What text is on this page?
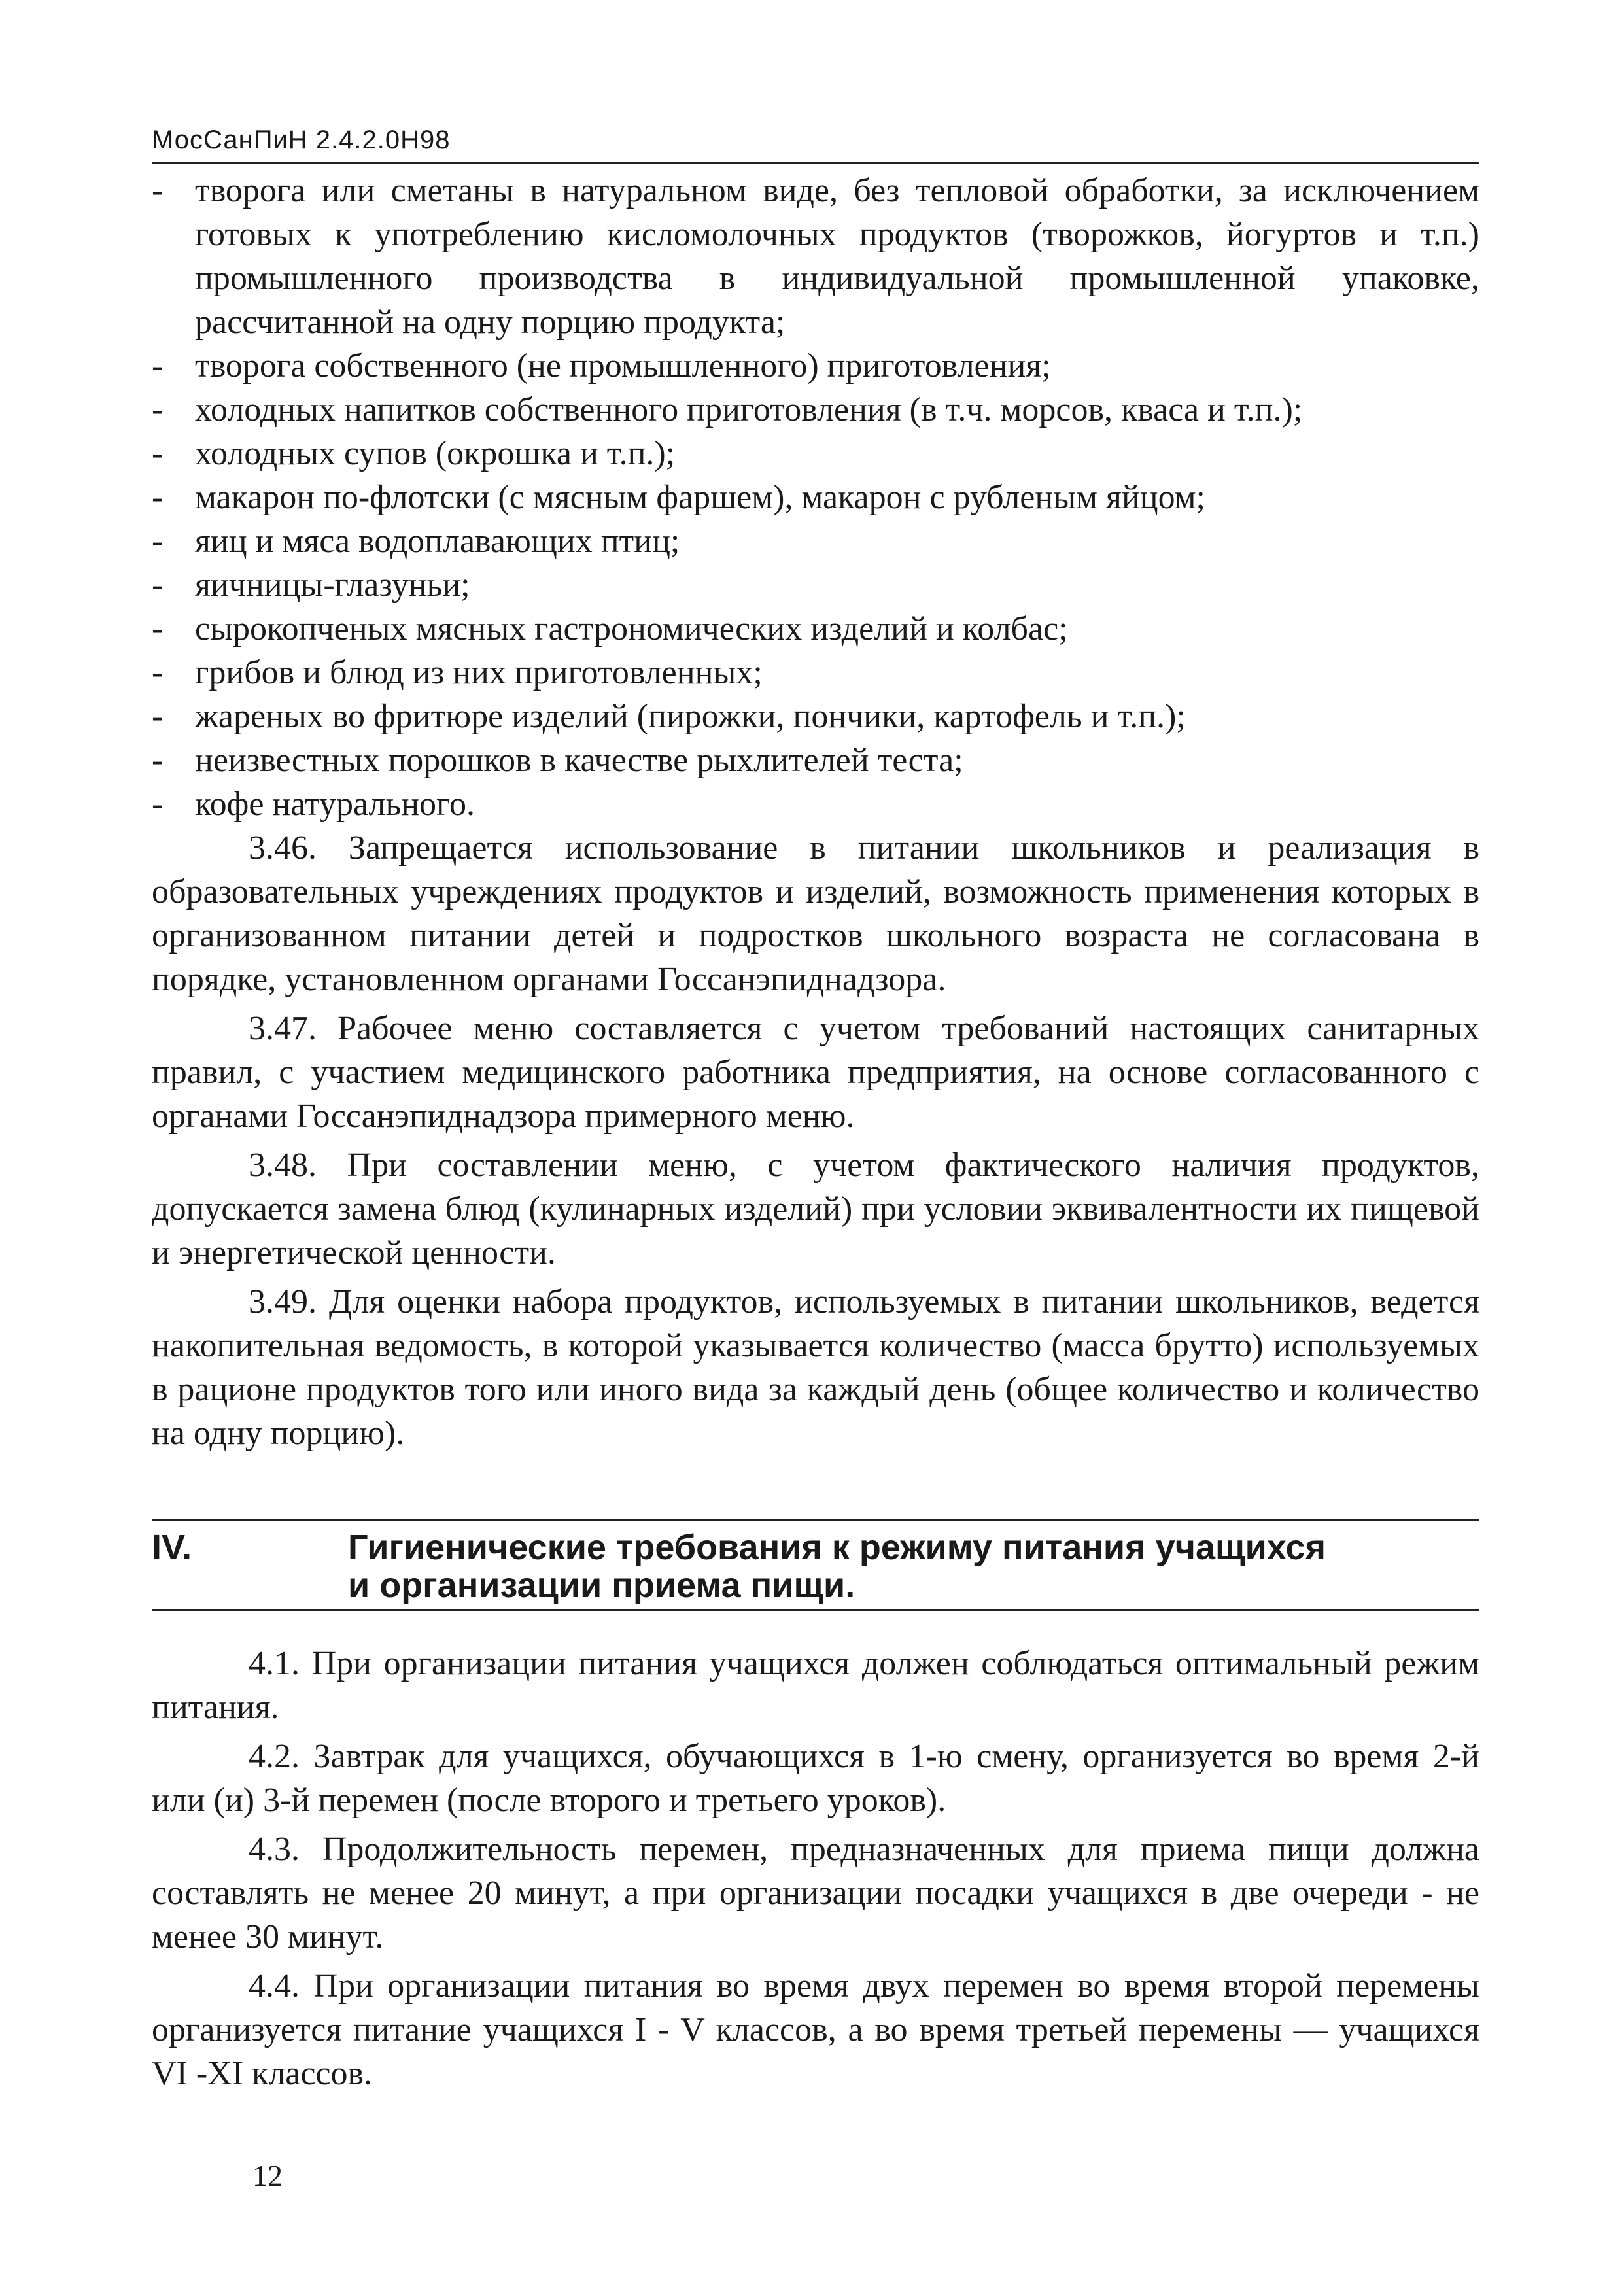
МосСанПиН 2.4.2.0Н98
- творога или сметаны в натуральном виде, без тепловой обработки, за исключением готовых к употреблению кисломолочных продуктов (творожков, йогуртов и т.п.) промышленного производства в индивидуальной промышленной упаковке, рассчитанной на одну порцию продукта;
- творога собственного (не промышленного) приготовления;
- холодных напитков собственного приготовления (в т.ч. морсов, кваса и т.п.);
- холодных супов (окрошка и т.п.);
- макарон по-флотски (с мясным фаршем), макарон с рубленым яйцом;
- яиц и мяса водоплавающих птиц;
- яичницы-глазуньи;
- сырокопченых мясных гастрономических изделий и колбас;
- грибов и блюд из них приготовленных;
- жареных во фритюре изделий (пирожки, пончики, картофель и т.п.);
- неизвестных порошков в качестве рыхлителей теста;
- кофе натурального.

3.46. Запрещается использование в питании школьников и реализация в образовательных учреждениях продуктов и изделий, возможность применения которых в организованном питании детей и подростков школьного возраста не согласована в порядке, установленном органами Госсанэпиднадзора.

3.47. Рабочее меню составляется с учетом требований настоящих санитарных правил, с участием медицинского работника предприятия, на основе согласованного с органами Госсанэпиднадзора примерного меню.

3.48. При составлении меню, с учетом фактического наличия продуктов, допускается замена блюд (кулинарных изделий) при условии эквивалентности их пищевой и энергетической ценности.

3.49. Для оценки набора продуктов, используемых в питании школьников, ведется накопительная ведомость, в которой указывается количество (масса брутто) используемых в рационе продуктов того или иного вида за каждый день (общее количество и количество на одну порцию).

IV.	Гигиенические требования к режиму питания учащихся
и организации приема пищи.

4.1. При организации питания учащихся должен соблюдаться оптимальный режим питания.

4.2. Завтрак для учащихся, обучающихся в 1-ю смену, организуется во время 2-й или (и) 3-й перемен (после второго и третьего уроков).

4.3. Продолжительность перемен, предназначенных для приема пищи должна составлять не менее 20 минут, а при организации посадки учащихся в две очереди - не менее 30 минут.

4.4. При организации питания во время двух перемен во время второй перемены организуется питание учащихся I - V классов, а во время третьей перемены — учащихся VI -XI классов.

12
